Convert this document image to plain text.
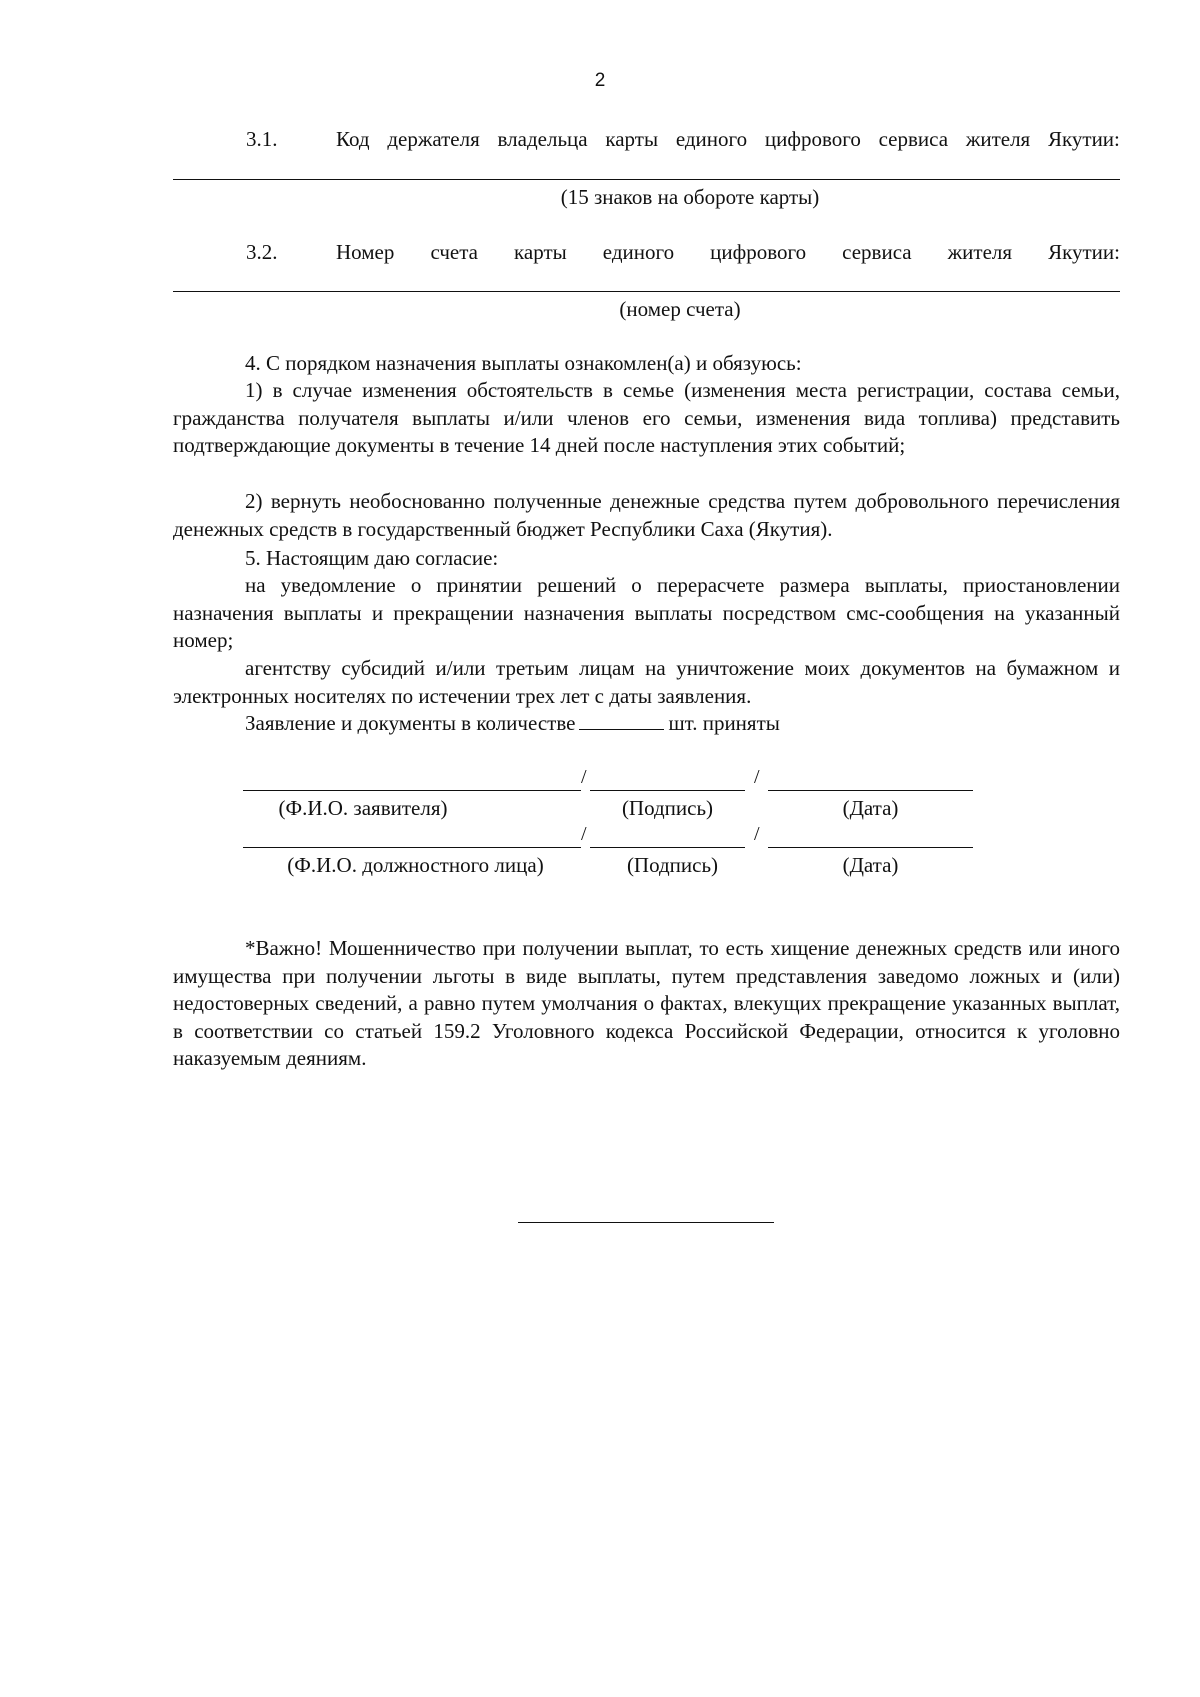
2
3.1.	Код держателя владельца карты единого цифрового сервиса жителя Якутии:
(15 знаков на обороте карты)
3.2.	Номер счета карты единого цифрового сервиса жителя Якутии:
(номер счета)
4. С порядком назначения выплаты ознакомлен(а) и обязуюсь:
1) в случае изменения обстоятельств в семье (изменения места регистрации, состава семьи, гражданства получателя выплаты и/или членов его семьи, изменения вида топлива) представить подтверждающие документы в течение 14 дней после наступления этих событий;
2) вернуть необоснованно полученные денежные средства путем добровольного перечисления денежных средств в государственный бюджет Республики Саха (Якутия).
5. Настоящим даю согласие:
на уведомление о принятии решений о перерасчете размера выплаты, приостановлении назначения выплаты и прекращении назначения выплаты посредством смс-сообщения на указанный номер;
агентству субсидий и/или третьим лицам на уничтожение моих документов на бумажном и электронных носителях по истечении трех лет с даты заявления.
Заявление и документы в количестве	шт. приняты
/	/
(Ф.И.О. заявителя)	(Подпись)	(Дата)
/	/
(Ф.И.О. должностного лица)	(Подпись)	(Дата)
*Важно! Мошенничество при получении выплат, то есть хищение денежных средств или иного имущества при получении льготы в виде выплаты, путем представления заведомо ложных и (или) недостоверных сведений, а равно путем умолчания о фактах, влекущих прекращение указанных выплат, в соответствии со статьей 159.2 Уголовного кодекса Российской Федерации, относится к уголовно наказуемым деяниям.
